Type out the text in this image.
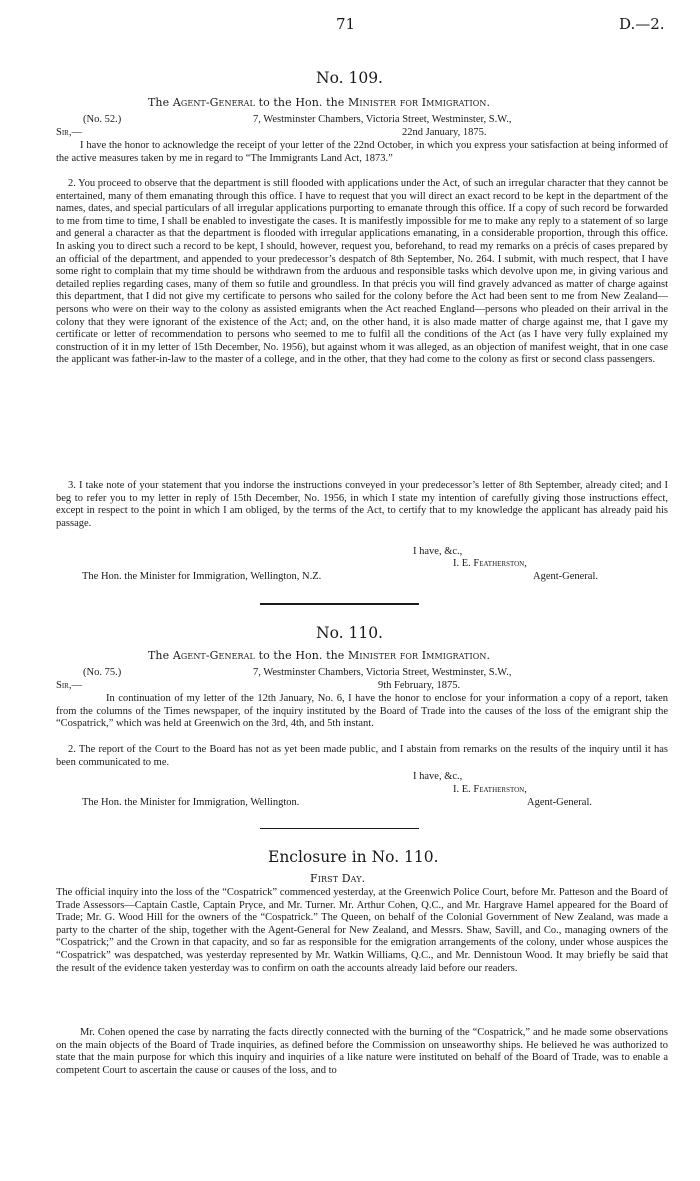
71	D.—2.
No. 109.
The Agent-General to the Hon. the Minister for Immigration.
(No. 52.)	7, Westminster Chambers, Victoria Street, Westminster, S.W.,
Sir,—	22nd January, 1875.

I have the honor to acknowledge the receipt of your letter of the 22nd October, in which you express your satisfaction at being informed of the active measures taken by me in regard to “The Immigrants Land Act, 1873.”

2. You proceed to observe that the department is still flooded with applications under the Act, of such an irregular character that they cannot be entertained, many of them emanating through this office. I have to request that you will direct an exact record to be kept in the department of the names, dates, and special particulars of all irregular applications purporting to emanate through this office. If a copy of such record be forwarded to me from time to time, I shall be enabled to investigate the cases. It is manifestly impossible for me to make any reply to a statement of so large and general a character as that the department is flooded with irregular applications emanating, in a considerable proportion, through this office. In asking you to direct such a record to be kept, I should, however, request you, beforehand, to read my remarks on a précis of cases prepared by an official of the department, and appended to your predecessor’s despatch of 8th September, No. 264. I submit, with much respect, that I have some right to complain that my time should be withdrawn from the arduous and responsible tasks which devolve upon me, in giving various and detailed replies regarding cases, many of them so futile and groundless. In that précis you will find gravely advanced as matter of charge against this department, that I did not give my certificate to persons who sailed for the colony before the Act had been sent to me from New Zealand—persons who were on their way to the colony as assisted emigrants when the Act reached England—persons who pleaded on their arrival in the colony that they were ignorant of the existence of the Act; and, on the other hand, it is also made matter of charge against me, that I gave my certificate or letter of recommendation to persons who seemed to me to fulfil all the conditions of the Act (as I have very fully explained my construction of it in my letter of 15th December, No. 1956), but against whom it was alleged, as an objection of manifest weight, that in one case the applicant was father-in-law to the master of a college, and in the other, that they had come to the colony as first or second class passengers.

3. I take note of your statement that you indorse the instructions conveyed in your predecessor’s letter of 8th September, already cited; and I beg to refer you to my letter in reply of 15th December, No. 1956, in which I state my intention of carefully giving those instructions effect, except in respect to the point in which I am obliged, by the terms of the Act, to certify that to my knowledge the applicant has already paid his passage.

I have, &c.,
I. E. Featherston,
The Hon. the Minister for Immigration, Wellington, N.Z.	Agent-General.
No. 110.
The Agent-General to the Hon. the Minister for Immigration.
(No. 75.)	7, Westminster Chambers, Victoria Street, Westminster, S.W.,
Sir,—	9th February, 1875.

In continuation of my letter of the 12th January, No. 6, I have the honor to enclose for your information a copy of a report, taken from the columns of the Times newspaper, of the inquiry instituted by the Board of Trade into the causes of the loss of the emigrant ship the “Cospatrick,” which was held at Greenwich on the 3rd, 4th, and 5th instant.

2. The report of the Court to the Board has not as yet been made public, and I abstain from remarks on the results of the inquiry until it has been communicated to me.

I have, &c.,
I. E. Featherston,
The Hon. the Minister for Immigration, Wellington.	Agent-General.
Enclosure in No. 110.
First Day.

The official inquiry into the loss of the “Cospatrick” commenced yesterday, at the Greenwich Police Court, before Mr. Patteson and the Board of Trade Assessors—Captain Castle, Captain Pryce, and Mr. Turner. Mr. Arthur Cohen, Q.C., and Mr. Hargrave Hamel appeared for the Board of Trade; Mr. G. Wood Hill for the owners of the “Cospatrick.” The Queen, on behalf of the Colonial Government of New Zealand, was made a party to the charter of the ship, together with the Agent-General for New Zealand, and Messrs. Shaw, Savill, and Co., managing owners of the “Cospatrick;” and the Crown in that capacity, and so far as responsible for the emigration arrangements of the colony, under whose auspices the “Cospatrick” was despatched, was yesterday represented by Mr. Watkin Williams, Q.C., and Mr. Dennistoun Wood. It may briefly be said that the result of the evidence taken yesterday was to confirm on oath the accounts already laid before our readers.

Mr. Cohen opened the case by narrating the facts directly connected with the burning of the “Cospatrick,” and he made some observations on the main objects of the Board of Trade inquiries, as defined before the Commission on unseaworthy ships. He believed he was authorized to state that the main purpose for which this inquiry and inquiries of a like nature were instituted on behalf of the Board of Trade, was to enable a competent Court to ascertain the cause or causes of the loss, and to
